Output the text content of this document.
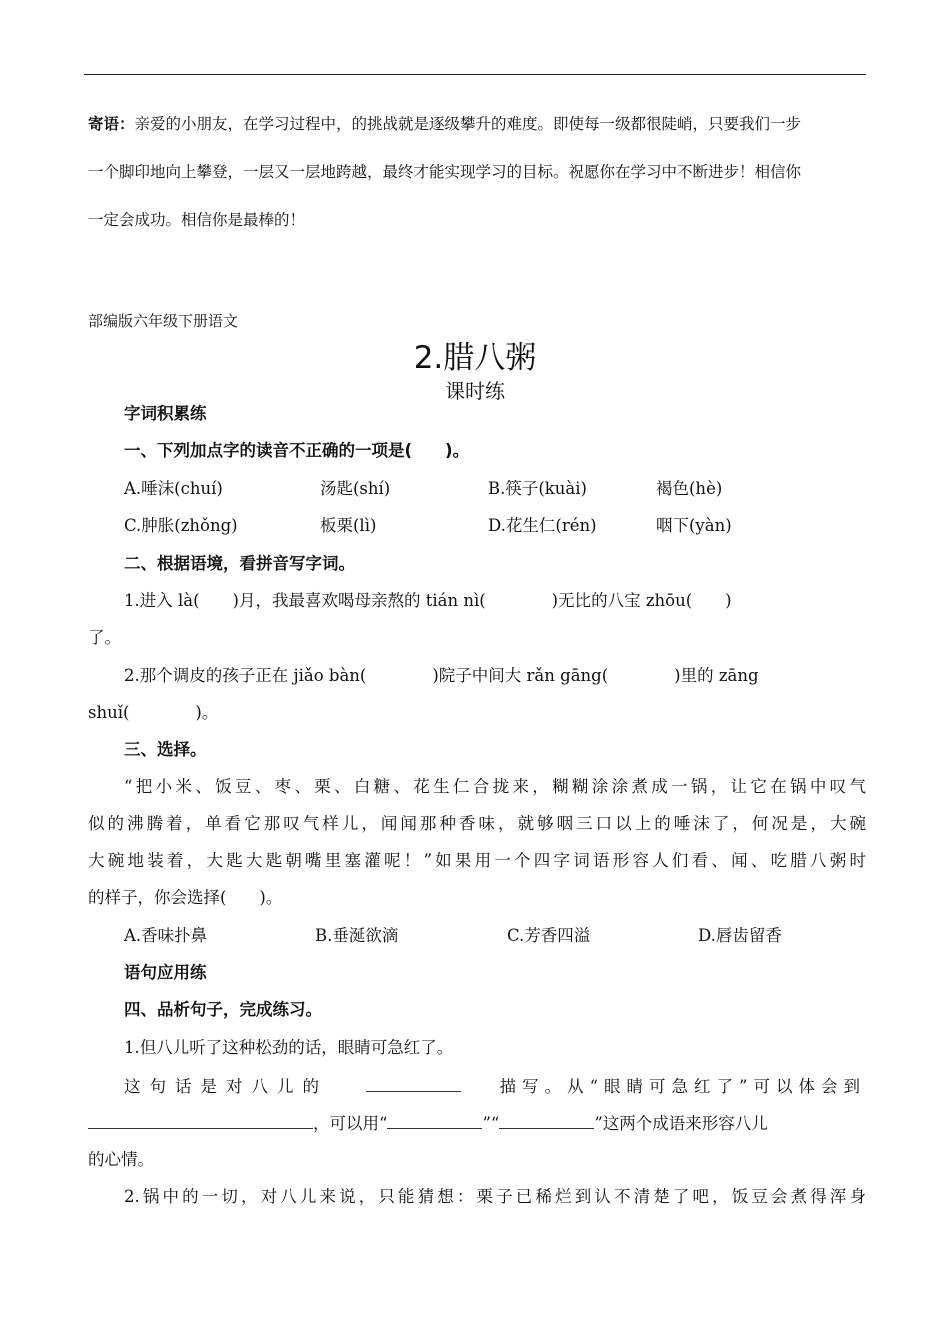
寄语：亲爱的小朋友，在学习过程中，的挑战就是逐级攀升的难度。即使每一级都很陡峭，只要我们一步
一个脚印地向上攀登，一层又一层地跨越，最终才能实现学习的目标。祝愿你在学习中不断进步！相信你
一定会成功。相信你是最棒的！
部编版六年级下册语文
2.腊八粥
课时练
字词积累练
一、下列加点字的读音不正确的一项是(　　)。
A.唾沫(chuí)	汤匙(shí)	B.筷子(kuài)	褐色(hè)
C.肿胀(zhǒng)	板栗(lì)	D.花生仁(rén)	咽下(yàn)
二、根据语境，看拼音写字词。
1.进入 là(　　)月，我最喜欢喝母亲熬的 tián nì(　　　　)无比的八宝 zhōu(　　)
了。
2.那个调皮的孩子正在 jiǎo bàn(　　　　)院子中间大 rǎn gāng(　　　　)里的 zāng
shuǐ(　　　　)。
三、选择。
“把小米、饭豆、枣、栗、白糖、花生仁合拢来，糊糊涂涂煮成一锅，让它在锅中叹气
似的沸腾着，单看它那叹气样儿，闻闻那种香味，就够咽三口以上的唾沫了，何况是，大碗
大碗地装着，大匙大匙朝嘴里塞灌呢！”如果用一个四字词语形容人们看、闻、吃腊八粥时
的样子，你会选择(　　)。
A.香味扑鼻	B.垂涎欲滴	C.芳香四溢	D.唇齿留香
语句应用练
四、品析句子，完成练习。
1.但八儿听了这种松劲的话，眼睛可急红了。
这句话是对八儿的	描写。从“眼睛可急红了”可以体会到
，可以用“	”“	”这两个成语来形容八儿
的心情。
2.锅中的一切，对八儿来说，只能猜想：栗子已稀烂到认不清楚了吧，饭豆会煮得浑身
